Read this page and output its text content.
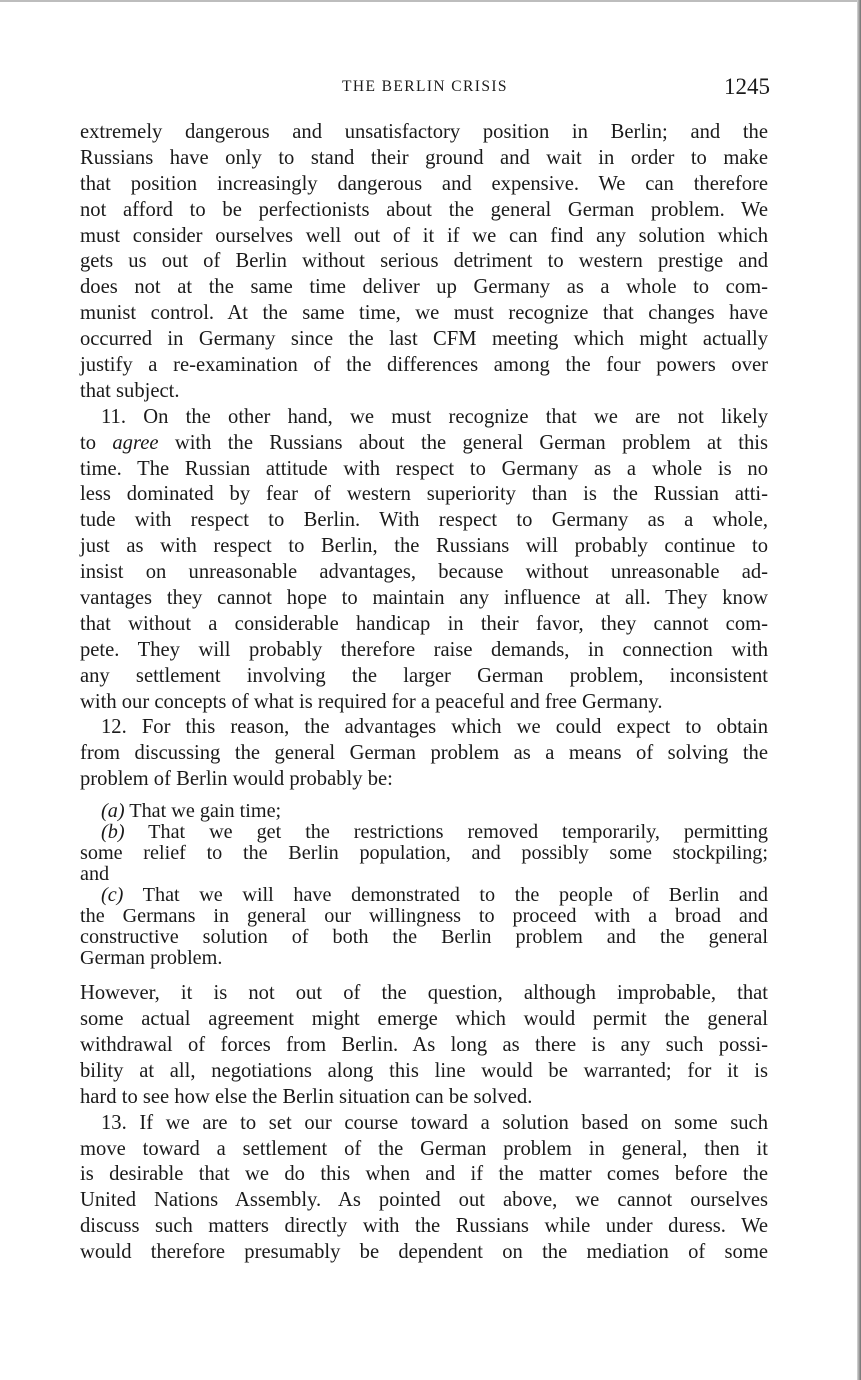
THE BERLIN CRISIS	1245
extremely dangerous and unsatisfactory position in Berlin; and the
Russians have only to stand their ground and wait in order to make
that position increasingly dangerous and expensive. We can therefore
not afford to be perfectionists about the general German problem. We
must consider ourselves well out of it if we can find any solution which
gets us out of Berlin without serious detriment to western prestige and
does not at the same time deliver up Germany as a whole to com-
munist control. At the same time, we must recognize that changes have
occurred in Germany since the last CFM meeting which might actually
justify a re-examination of the differences among the four powers over
that subject.
11. On the other hand, we must recognize that we are not likely
to agree with the Russians about the general German problem at this
time. The Russian attitude with respect to Germany as a whole is no
less dominated by fear of western superiority than is the Russian atti-
tude with respect to Berlin. With respect to Germany as a whole,
just as with respect to Berlin, the Russians will probably continue to
insist on unreasonable advantages, because without unreasonable ad-
vantages they cannot hope to maintain any influence at all. They know
that without a considerable handicap in their favor, they cannot com-
pete. They will probably therefore raise demands, in connection with
any settlement involving the larger German problem, inconsistent
with our concepts of what is required for a peaceful and free Germany.
12. For this reason, the advantages which we could expect to obtain
from discussing the general German problem as a means of solving the
problem of Berlin would probably be:
(a) That we gain time;
(b) That we get the restrictions removed temporarily, permitting
some relief to the Berlin population, and possibly some stockpiling;
and
(c) That we will have demonstrated to the people of Berlin and
the Germans in general our willingness to proceed with a broad and
constructive solution of both the Berlin problem and the general
German problem.
However, it is not out of the question, although improbable, that
some actual agreement might emerge which would permit the general
withdrawal of forces from Berlin. As long as there is any such possi-
bility at all, negotiations along this line would be warranted; for it is
hard to see how else the Berlin situation can be solved.
13. If we are to set our course toward a solution based on some such
move toward a settlement of the German problem in general, then it
is desirable that we do this when and if the matter comes before the
United Nations Assembly. As pointed out above, we cannot ourselves
discuss such matters directly with the Russians while under duress. We
would therefore presumably be dependent on the mediation of some
